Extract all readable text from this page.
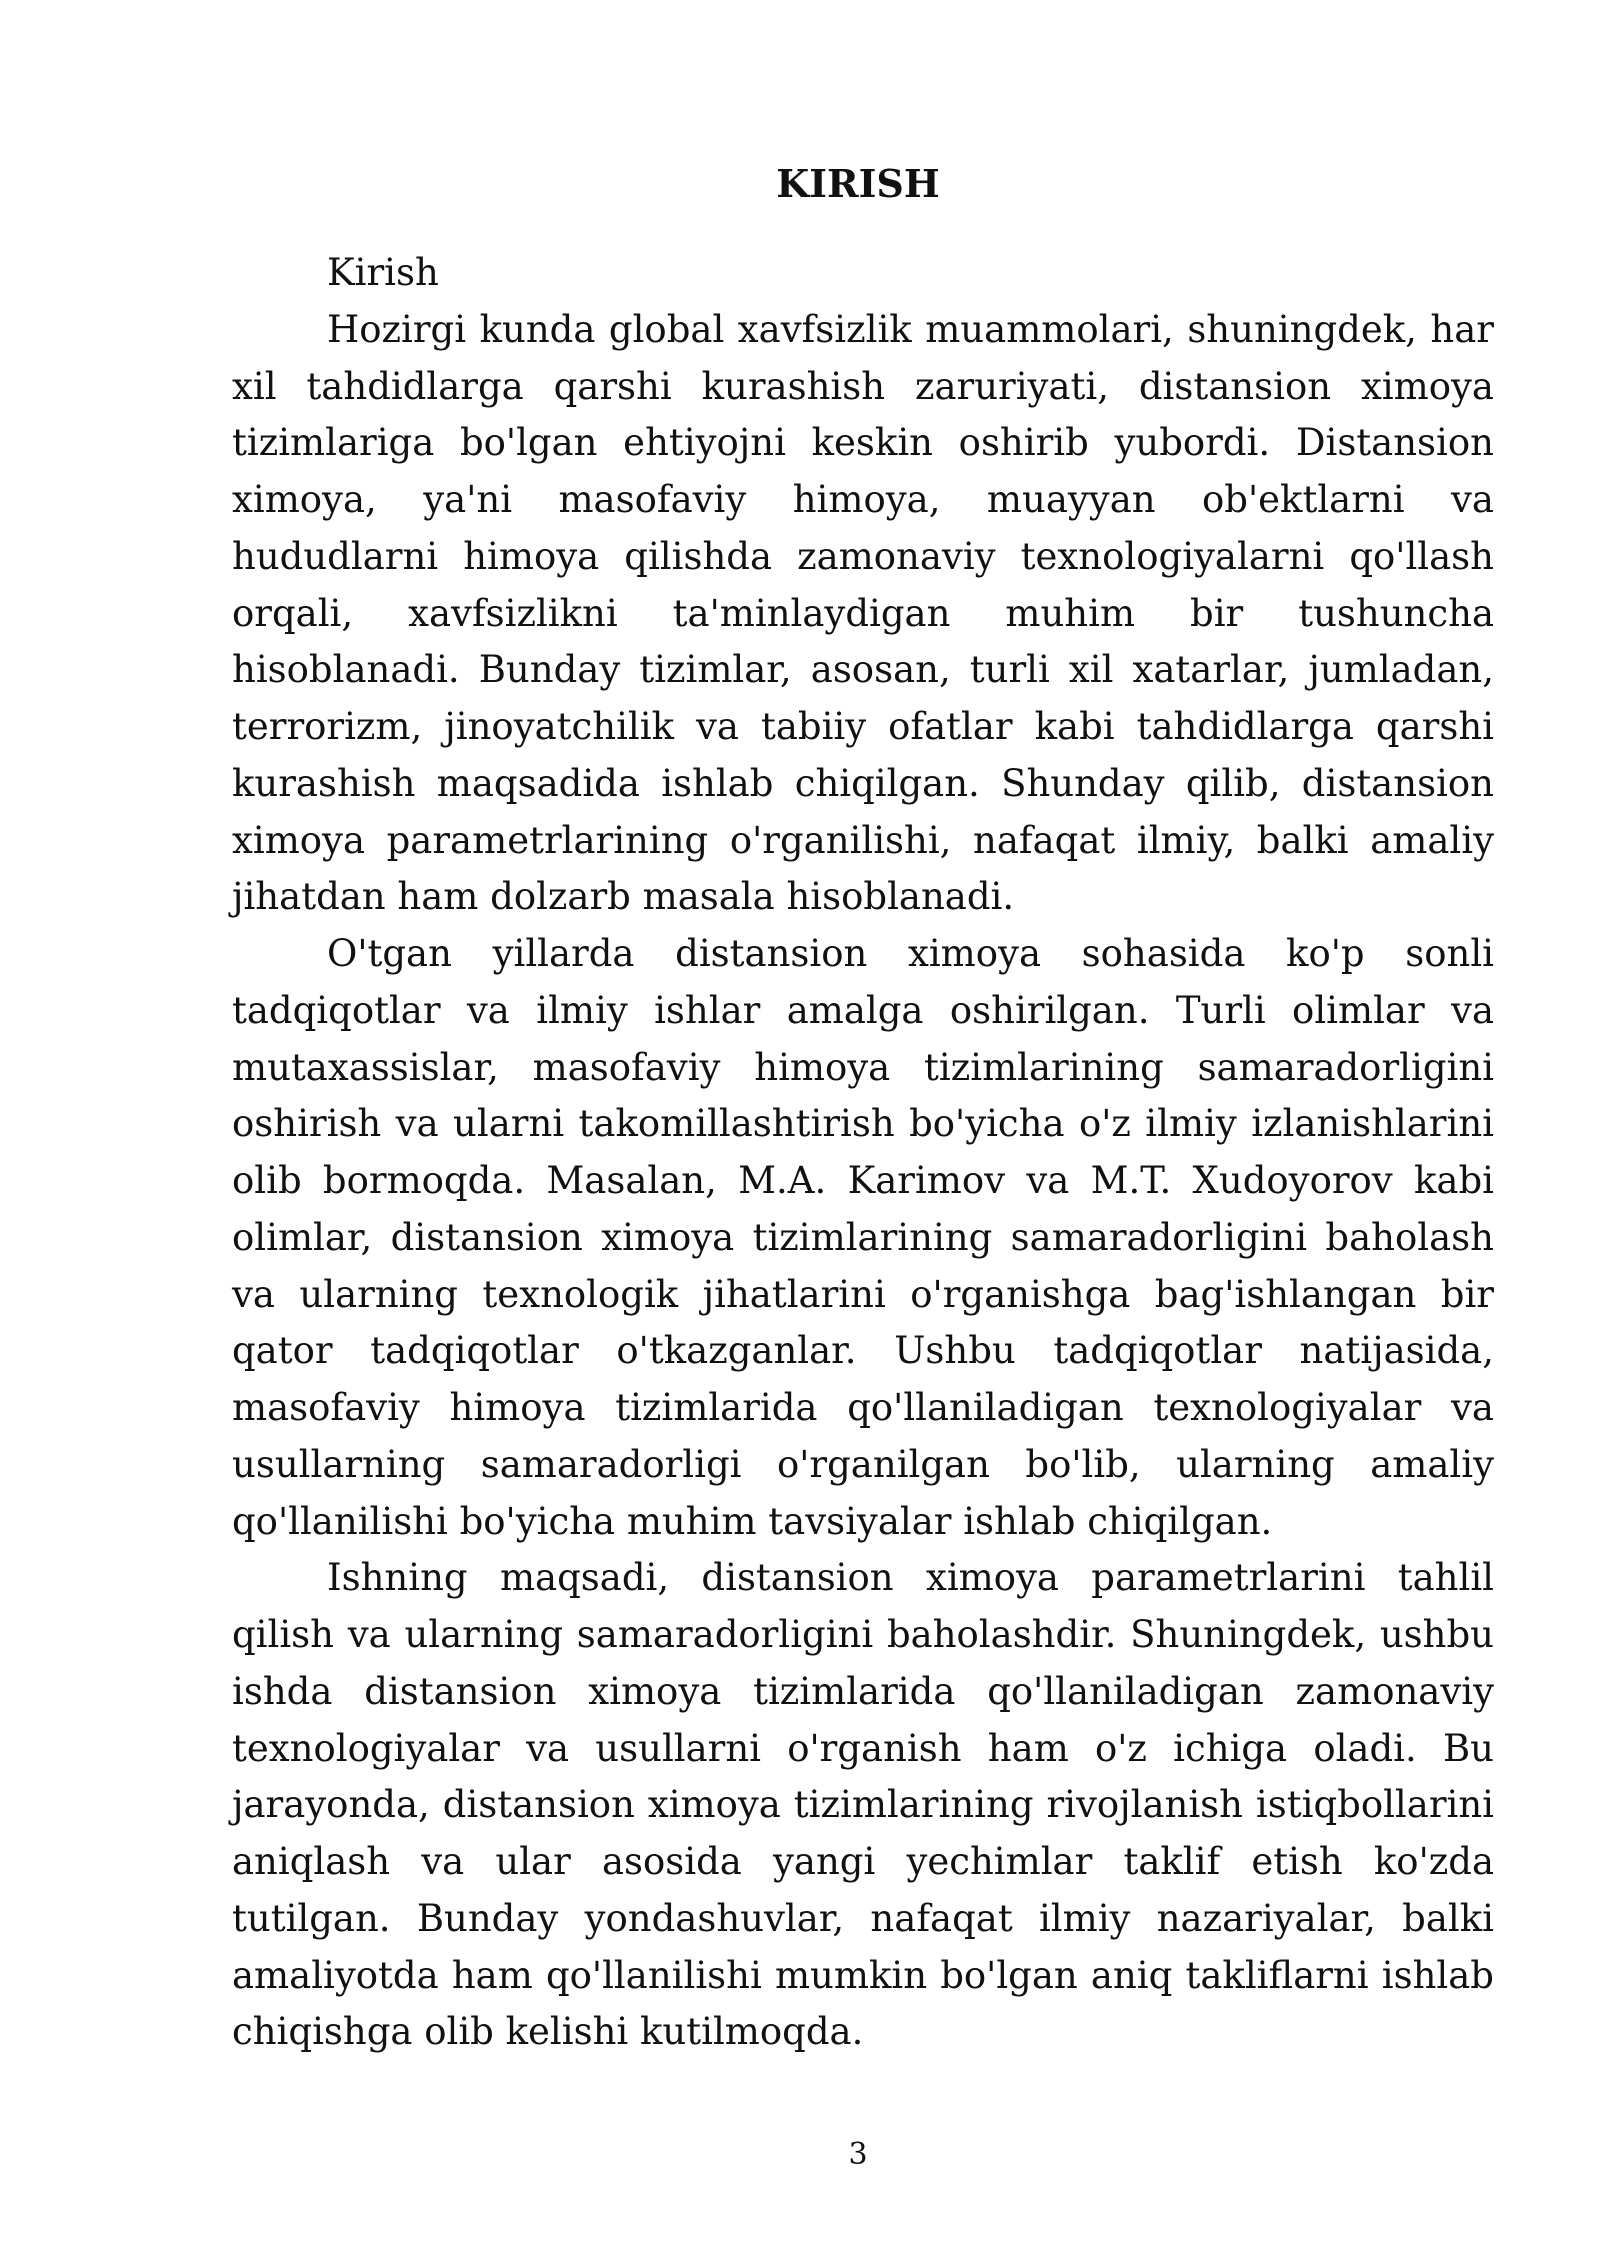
KIRISH

Kirish

Hozirgi kunda global xavfsizlik muammolari, shuningdek, har xil tahdidlarga qarshi kurashish zaruriyati, distansion ximoya tizimlariga bo'lgan ehtiyojni keskin oshirib yubordi. Distansion ximoya, ya'ni masofaviy himoya, muayyan ob'ektlarni va hududlarni himoya qilishda zamonaviy texnologiyalarni qo'llash orqali, xavfsizlikni ta'minlaydigan muhim bir tushuncha hisoblanadi. Bunday tizimlar, asosan, turli xil xatarlar, jumladan, terrorizm, jinoyatchilik va tabiiy ofatlar kabi tahdidlarga qarshi kurashish maqsadida ishlab chiqilgan. Shunday qilib, distansion ximoya parametrlarining o'rganilishi, nafaqat ilmiy, balki amaliy jihatdan ham dolzarb masala hisoblanadi.

O'tgan yillarda distansion ximoya sohasida ko'p sonli tadqiqotlar va ilmiy ishlar amalga oshirilgan. Turli olimlar va mutaxassislar, masofaviy himoya tizimlarining samaradorligini oshirish va ularni takomillashtirish bo'yicha o'z ilmiy izlanishlarini olib bormoqda. Masalan, M.A. Karimov va M.T. Xudoyorov kabi olimlar, distansion ximoya tizimlarining samaradorligini baholash va ularning texnologik jihatlarini o'rganishga bag'ishlangan bir qator tadqiqotlar o'tkazganlar. Ushbu tadqiqotlar natijasida, masofaviy himoya tizimlarida qo'llaniladigan texnologiyalar va usullarning samaradorligi o'rganilgan bo'lib, ularning amaliy qo'llanilishi bo'yicha muhim tavsiyalar ishlab chiqilgan.

Ishning maqsadi, distansion ximoya parametrlarini tahlil qilish va ularning samaradorligini baholashdir. Shuningdek, ushbu ishda distansion ximoya tizimlarida qo'llaniladigan zamonaviy texnologiyalar va usullarni o'rganish ham o'z ichiga oladi. Bu jarayonda, distansion ximoya tizimlarining rivojlanish istiqbollarini aniqlash va ular asosida yangi yechimlar taklif etish ko'zda tutilgan. Bunday yondashuvlar, nafaqat ilmiy nazariyalar, balki amaliyotda ham qo'llanilishi mumkin bo'lgan aniq takliflarni ishlab chiqishga olib kelishi kutilmoqda.

3
